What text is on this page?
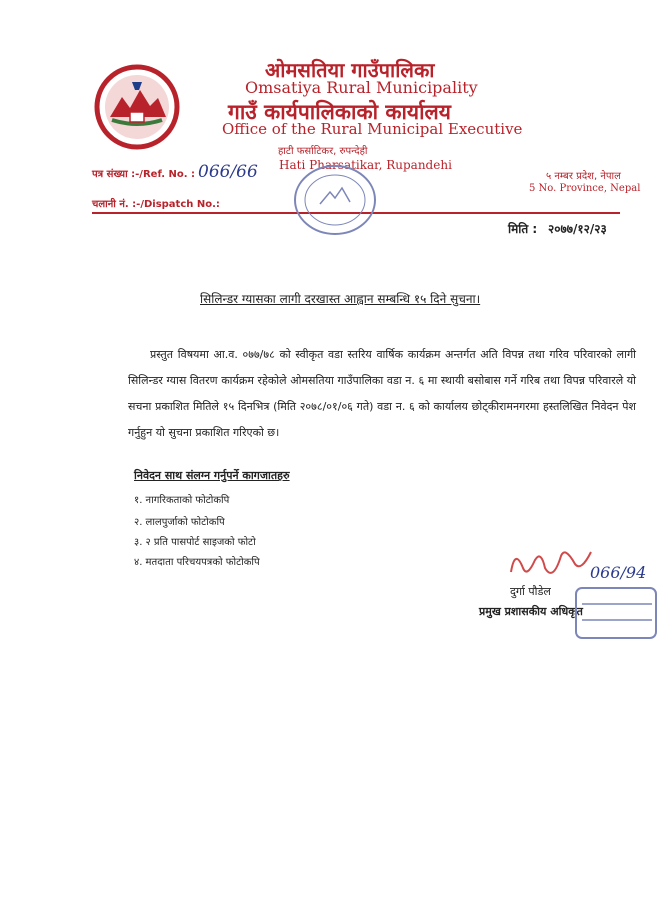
ओमसतिया गाउँपालिका
Omsatiya Rural Municipality
गाउँ कार्यपालिकाको कार्यालय
Office of the Rural Municipal Executive
हाटी फर्साटिकर, रुपन्देही
Hati Pharsatikar, Rupandehi
पत्र संख्या :-/Ref. No. : 066/66
चलानी नं. :-/Dispatch No.:
५ नम्बर प्रदेश, नेपाल
5 No. Province, Nepal
मिति : २०७७/१२/२३
सिलिन्डर ग्यासका लागी दरखास्त आह्वान सम्बन्धि १५ दिने सुचना।

प्रस्तुत विषयमा आ.व. ०७७/७८ को स्वीकृत वडा स्तरिय वार्षिक कार्यक्रम अन्तर्गत अति विपन्न तथा गरिव परिवारको लागी सिलिन्डर ग्यास वितरण कार्यक्रम रहेकोले ओमसतिया गाउँपालिका वडा न. ६ मा स्थायी बसोबास गर्ने गरिब तथा विपन्न परिवारले यो सचना प्रकाशित मितिले १५ दिनभित्र (मिति २०७८/०१/०६ गते) वडा न. ६ को कार्यालय छोट्कीरामनगरमा हस्तलिखित निवेदन पेश गर्नुहुन यो सुचना प्रकाशित गरिएको छ।

निवेदन साथ संलग्न गर्नुपर्ने कागजातहरु
१. नागरिकताको फोटोकपि
२. लालपुर्जाको फोटोकपि
३. २ प्रति पासपोर्ट साइजको फोटो
४. मतदाता परिचयपत्रको फोटोकपि
066/94
दुर्गा पौडेल
प्रमुख प्रशासकीय अधिकृत
